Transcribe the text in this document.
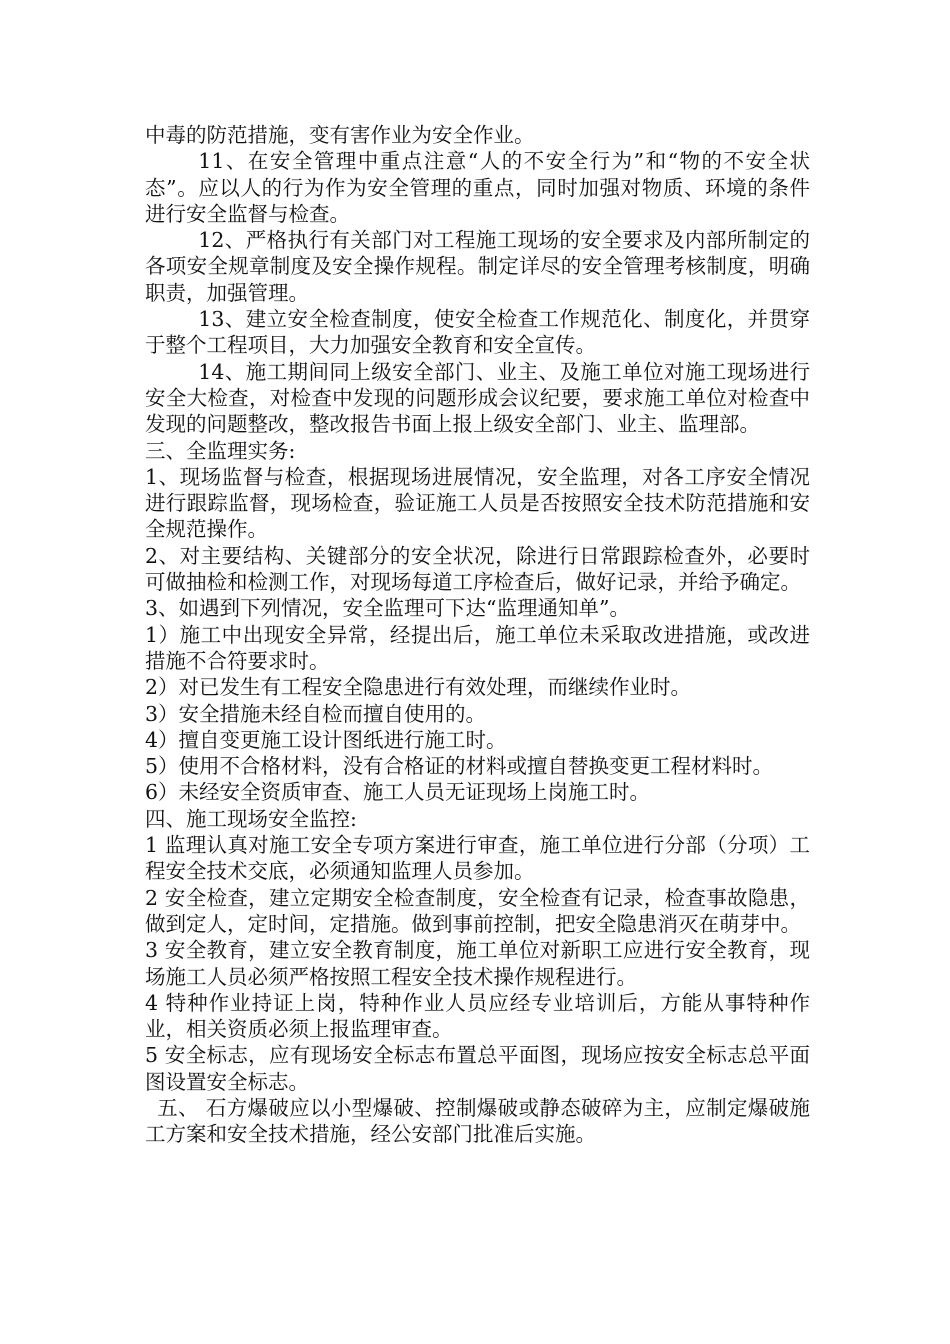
中毒的防范措施，变有害作业为安全作业。

11、在安全管理中重点注意“人的不安全行为”和“物的不安全状态”。应以人的行为作为安全管理的重点，同时加强对物质、环境的条件进行安全监督与检查。

12、严格执行有关部门对工程施工现场的安全要求及内部所制定的各项安全规章制度及安全操作规程。制定详尽的安全管理考核制度，明确职责，加强管理。

13、建立安全检查制度，使安全检查工作规范化、制度化，并贯穿于整个工程项目，大力加强安全教育和安全宣传。

14、施工期间同上级安全部门、业主、及施工单位对施工现场进行安全大检查，对检查中发现的问题形成会议纪要，要求施工单位对检查中发现的问题整改，整改报告书面上报上级安全部门、业主、监理部。

三、全监理实务:

1、现场监督与检查，根据现场进展情况，安全监理，对各工序安全情况进行跟踪监督，现场检查，验证施工人员是否按照安全技术防范措施和安全规范操作。

2、对主要结构、关键部分的安全状况，除进行日常跟踪检查外，必要时可做抽检和检测工作，对现场每道工序检查后，做好记录，并给予确定。

3、如遇到下列情况，安全监理可下达“监理通知单”。

1）施工中出现安全异常，经提出后，施工单位未采取改进措施，或改进措施不合符要求时。

2）对已发生有工程安全隐患进行有效处理，而继续作业时。

3）安全措施未经自检而擅自使用的。

4）擅自变更施工设计图纸进行施工时。

5）使用不合格材料，没有合格证的材料或擅自替换变更工程材料时。

6）未经安全资质审查、施工人员无证现场上岗施工时。

四、施工现场安全监控:

1 监理认真对施工安全专项方案进行审查，施工单位进行分部（分项）工程安全技术交底，必须通知监理人员参加。

2 安全检查，建立定期安全检查制度，安全检查有记录，检查事故隐患，做到定人，定时间，定措施。做到事前控制，把安全隐患消灭在萌芽中。

3 安全教育，建立安全教育制度，施工单位对新职工应进行安全教育，现场施工人员必须严格按照工程安全技术操作规程进行。

4 特种作业持证上岗，特种作业人员应经专业培训后，方能从事特种作业，相关资质必须上报监理审查。

5 安全标志，应有现场安全标志布置总平面图，现场应按安全标志总平面图设置安全标志。

五、 石方爆破应以小型爆破、控制爆破或静态破碎为主，应制定爆破施工方案和安全技术措施，经公安部门批准后实施。
